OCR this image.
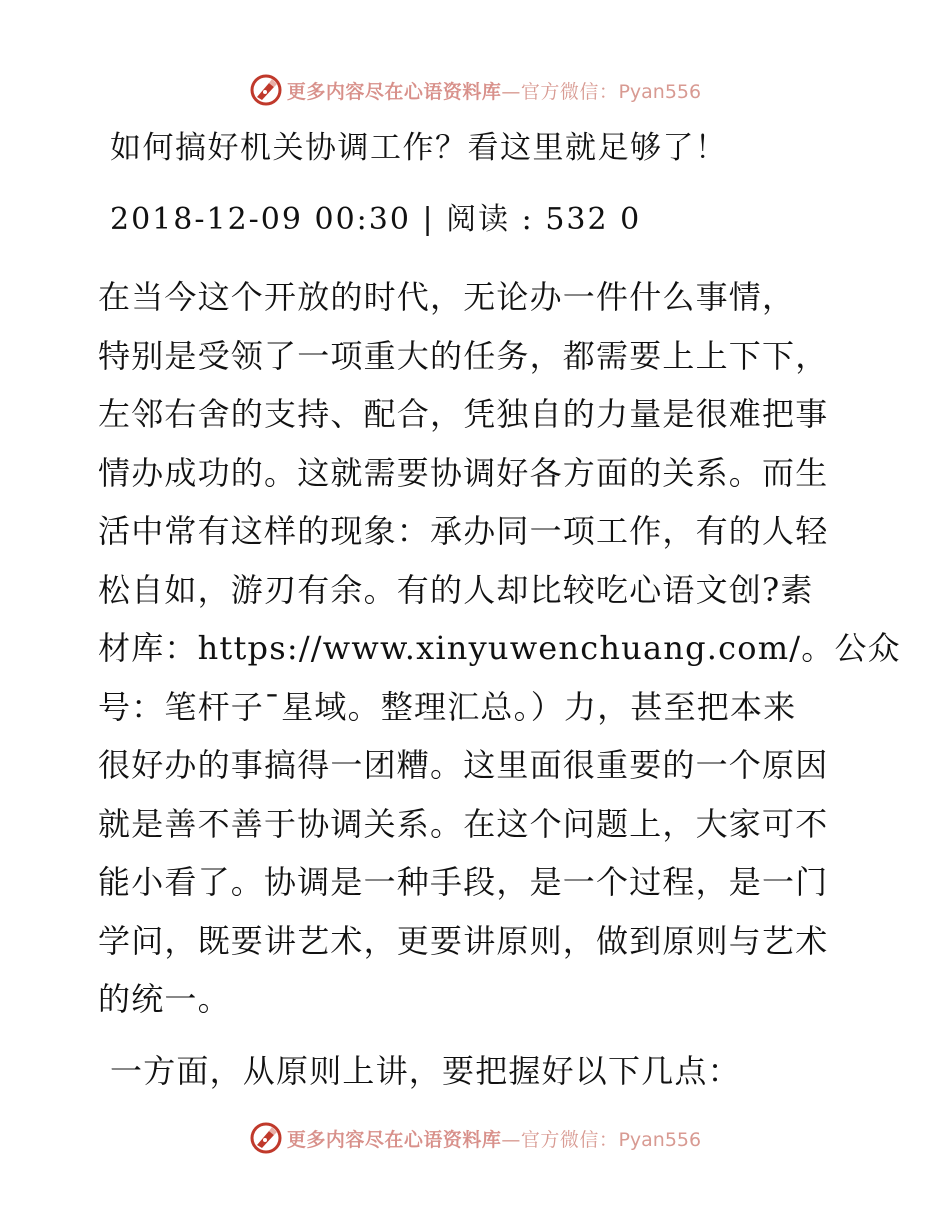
更多内容尽在心语资料库—官方微信：Pyan556
如何搞好机关协调工作？看这里就足够了！
2018-12-09 00:30 | 阅读 : 532 0
在当今这个开放的时代，无论办一件什么事情，
特别是受领了一项重大的任务，都需要上上下下，
左邻右舍的支持、配合，凭独自的力量是很难把事
情办成功的。这就需要协调好各方面的关系。而生
活中常有这样的现象：承办同一项工作，有的人轻
松自如，游刃有余。有的人却比较吃心语文创?素
材库：https://www.xinyuwenchuang.com/。公众
号：笔杆子¯星域。整理汇总。）力，甚至把本来
很好办的事搞得一团糟。这里面很重要的一个原因
就是善不善于协调关系。在这个问题上，大家可不
能小看了。协调是一种手段，是一个过程，是一门
学问，既要讲艺术，更要讲原则，做到原则与艺术
的统一。
一方面，从原则上讲，要把握好以下几点：
更多内容尽在心语资料库—官方微信：Pyan556
